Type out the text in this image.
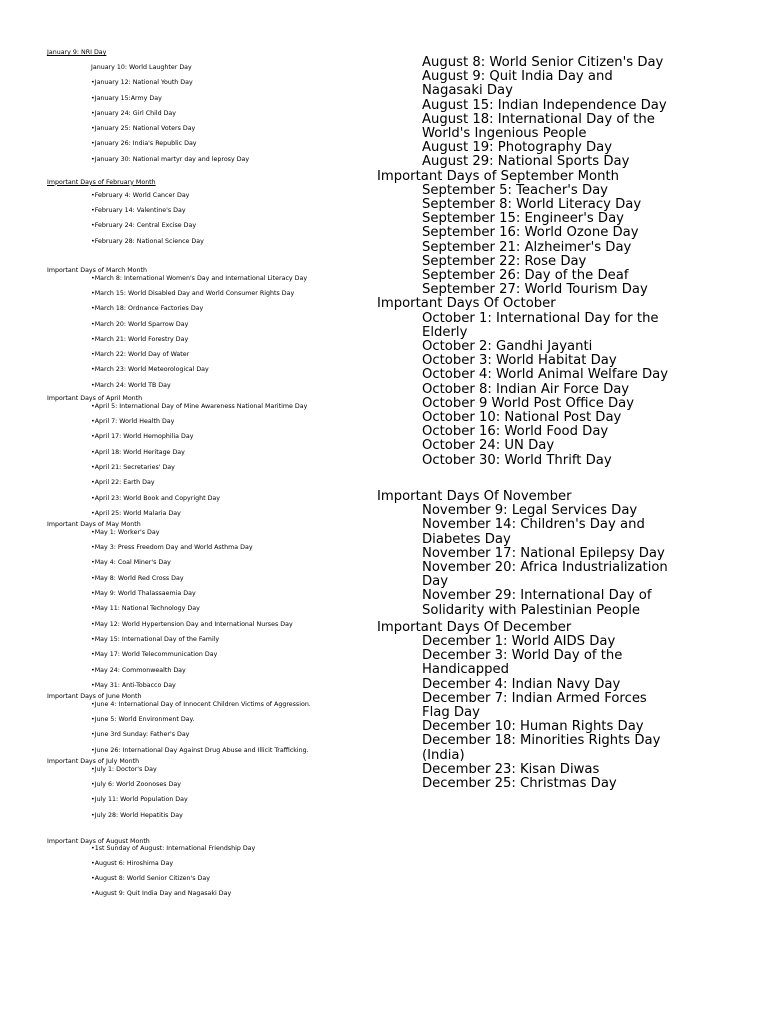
January 9: NRI Day
January 10: World Laughter Day
•January 12: National Youth Day
•January 15:Army Day
•January 24: Girl Child Day
•January 25: National Voters Day
•January 26: India's Republic Day
•January 30: National martyr day and leprosy Day
Important Days of February Month
•February 4: World Cancer Day
•February 14: Valentine's Day
•February 24: Central Excise Day
•February 28: National Science Day
Important Days of March Month
•March 8: International Women's Day and International Literacy Day
•March 15: World Disabled Day and World Consumer Rights Day
•March 18: Ordnance Factories Day
•March 20: World Sparrow Day
•March 21: World Forestry Day
•March 22: World Day of Water
•March 23: World Meteorological Day
•March 24: World TB Day
Important Days of April Month
•April 5: International Day of Mine Awareness National Maritime Day
•April 7: World Health Day
•April 17: World Hemophilia Day
•April 18: World Heritage Day
•April 21: Secretaries' Day
•April 22: Earth Day
•April 23: World Book and Copyright Day
•April 25: World Malaria Day
Important Days of May Month
•May 1: Worker's Day
•May 3: Press Freedom Day and World Asthma Day
•May 4: Coal Miner's Day
•May 8: World Red Cross Day
•May 9: World Thalassaemia Day
•May 11: National Technology Day
•May 12: World Hypertension Day and International Nurses Day
•May 15: International Day of the Family
•May 17: World Telecommunication Day
•May 24: Commonwealth Day
•May 31: Anti-Tobacco Day
Important Days of June Month
•June 4: International Day of Innocent Children Victims of Aggression.
•June 5: World Environment Day.
•June 3rd Sunday: Father's Day
•June 26: International Day Against Drug Abuse and Illicit Trafficking.
Important Days of July Month
•July 1: Doctor's Day
•July 6: World Zoonoses Day
•July 11: World Population Day
•July 28: World Hepatitis Day
Important Days of August Month
•1st Sunday of August: International Friendship Day
•August 6: Hiroshima Day
•August 8: World Senior Citizen's Day
•August 9: Quit India Day and Nagasaki Day
August 8: World Senior Citizen's Day
August 9: Quit India Day and Nagasaki Day
August 15: Indian Independence Day
August 18: International Day of the World's Ingenious People
August 19: Photography Day
August 29: National Sports Day
Important Days of September Month
September 5: Teacher's Day
September 8: World Literacy Day
September 15: Engineer's Day
September 16: World Ozone Day
September 21: Alzheimer's Day
September 22: Rose Day
September 26: Day of the Deaf
September 27: World Tourism Day
Important Days Of October
October 1: International Day for the Elderly
October 2: Gandhi Jayanti
October 3: World Habitat Day
October 4: World Animal Welfare Day
October 8: Indian Air Force Day
October 9 World Post Office Day
October 10: National Post Day
October 16: World Food Day
October 24: UN Day
October 30: World Thrift Day
Important Days Of November
November 9: Legal Services Day
November 14: Children's Day and Diabetes Day
November 17: National Epilepsy Day
November 20: Africa Industrialization Day
November 29: International Day of Solidarity with Palestinian People
Important Days Of December
December 1: World AIDS Day
December 3: World Day of the Handicapped
December 4: Indian Navy Day
December 7: Indian Armed Forces Flag Day
December 10: Human Rights Day
December 18: Minorities Rights Day (India)
December 23: Kisan Diwas
December 25: Christmas Day
